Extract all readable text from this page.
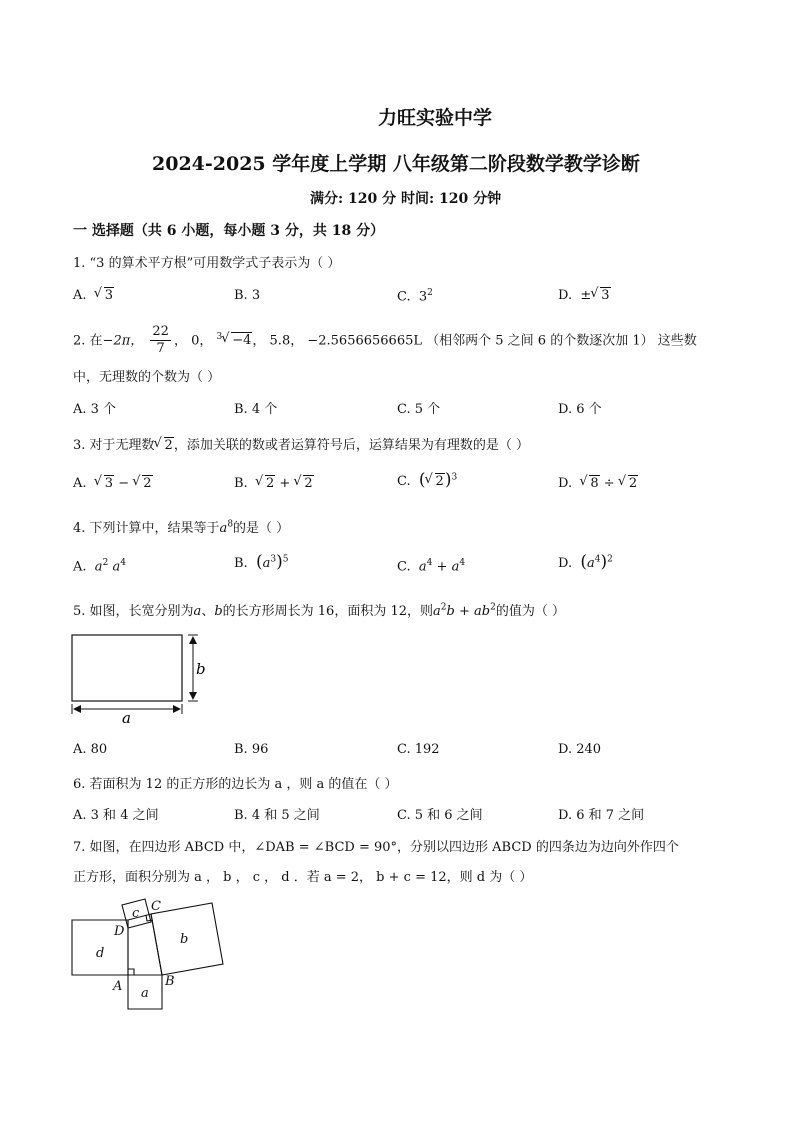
力旺实验中学
2024-2025 学年度上学期 八年级第二阶段数学教学诊断
满分: 120 分 时间: 120 分钟
一 选择题（共 6 小题，每小题 3 分，共 18 分）
1. “3 的算术平方根”可用数学式子表示为（ ）
A. √ 3	B. 3	C. $3^2$	D. ± √ 3
2. 在−2π， $\frac{22}{7}$ ， 0， $^3$ √ −4， 5.8， −2.5656656665L （相邻两个 5 之间 6 的个数逐次加 1） 这些数
中，无理数的个数为（ ）
A. 3 个	B. 4 个	C. 5 个	D. 6 个
3. 对于无理数 √ 2，添加关联的数或者运算符号后，运算结果为有理数的是（ ）
A. √ 3 − √ 2	B. √ 2 + √ 2	C. ( √ 2)$^3$	D. √ 8 ÷ √ 2
4. 下列计算中，结果等于$a^8$的是（ ）
A. $a^2$ $a^4$	B. $(a^3)^5$	C. $a^4 + a^4$	D. $(a^4)^2$
5. 如图，长宽分别为a、b的长方形周长为 16，面积为 12，则$a^2b + ab^2$的值为（ ）
b
a
A. 80	B. 96	C. 192	D. 240
6. 若面积为 12 的正方形的边长为 a ，则 a 的值在（ ）
A. 3 和 4 之间	B. 4 和 5 之间	C. 5 和 6 之间	D. 6 和 7 之间
7. 如图，在四边形 ABCD 中，∠DAB = ∠BCD = 90°，分别以四边形 ABCD 的四条边为边向外作四个
正方形，面积分别为 a ， b ， c ， d ．若 a = 2， b + c = 12，则 d 为（ ）
A	B
C
D
a
b
c
d
